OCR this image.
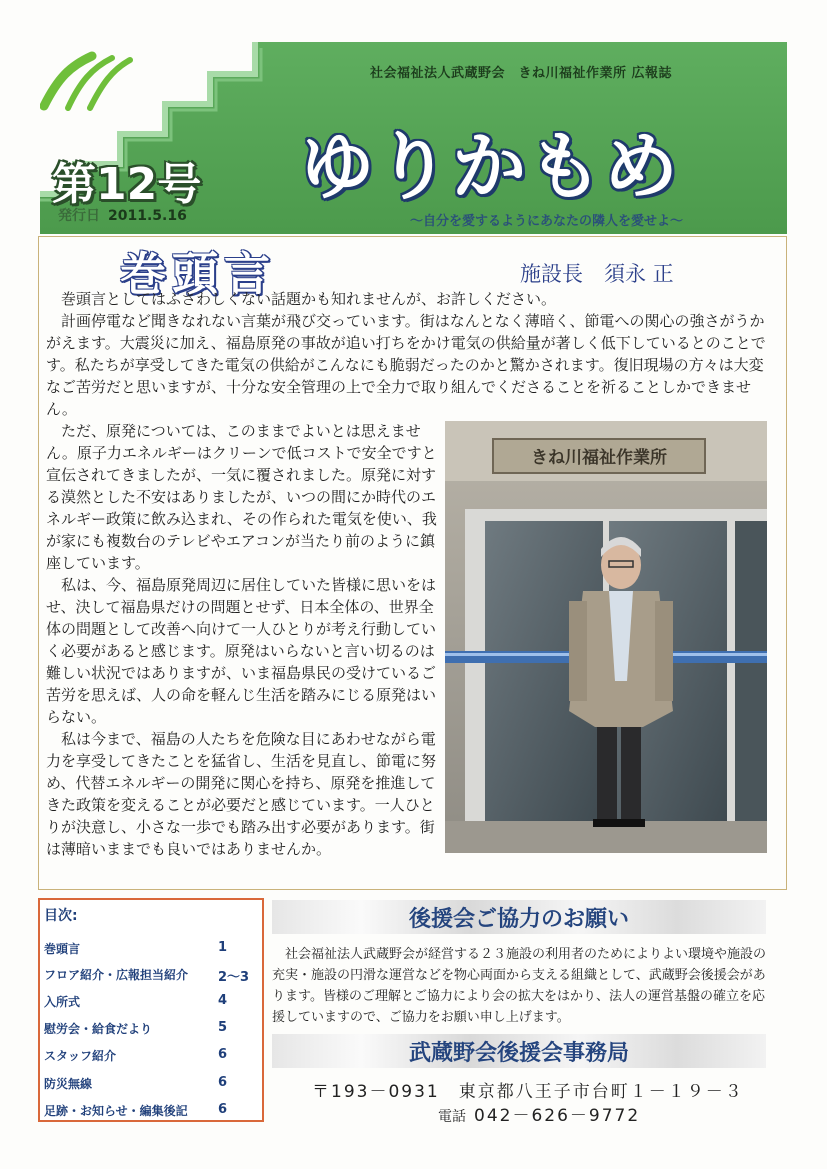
社会福祉法人武蔵野会　きね川福祉作業所 広報誌
ゆりかもめ
第12号
発行日 2011.5.16	～自分を愛するようにあなたの隣人を愛せよ～
巻頭言	施設長　須永 正

巻頭言としてはふさわしくない話題かも知れませんが、お許しください。

計画停電など聞きなれない言葉が飛び交っています。街はなんとなく薄暗く、節電への関心の強さがうかがえます。大震災に加え、福島原発の事故が追い打ちをかけ電気の供給量が著しく低下しているとのことです。私たちが享受してきた電気の供給がこんなにも脆弱だったのかと驚かされます。復旧現場の方々は大変なご苦労だと思いますが、十分な安全管理の上で全力で取り組んでくださることを祈ることしかできません。

ただ、原発については、このままでよいとは思えません。原子力エネルギーはクリーンで低コストで安全ですと宣伝されてきましたが、一気に覆されました。原発に対する漠然とした不安はありましたが、いつの間にか時代のエネルギー政策に飲み込まれ、その作られた電気を使い、我が家にも複数台のテレビやエアコンが当たり前のように鎮座しています。

私は、今、福島原発周辺に居住していた皆様に思いをはせ、決して福島県だけの問題とせず、日本全体の、世界全体の問題として改善へ向けて一人ひとりが考え行動していく必要があると感じます。原発はいらないと言い切るのは難しい状況ではありますが、いま福島県民の受けているご苦労を思えば、人の命を軽んじ生活を踏みにじる原発はいらない。

私は今まで、福島の人たちを危険な目にあわせながら電力を享受してきたことを猛省し、生活を見直し、節電に努め、代替エネルギーの開発に関心を持ち、原発を推進してきた政策を変えることが必要だと感じています。一人ひとりが決意し、小さな一歩でも踏み出す必要があります。街は薄暗いままでも良いではありませんか。

きね川福祉作業所
目次:
巻頭言	1
フロア紹介・広報担当紹介 2～3
入所式	4
慰労会・給食だより	5
スタッフ紹介	6
防災無線	6
足跡・お知らせ・編集後記 6
後援会ご協力のお願い

社会福祉法人武蔵野会が経営する２３施設の利用者のためによりよい環境や施設の充実・施設の円滑な運営などを物心両面から支える組織として、武蔵野会後援会があります。皆様のご理解とご協力により会の拡大をはかり、法人の運営基盤の確立を応援していますので、ご協力をお願い申し上げます。

武蔵野会後援会事務局
〒193－0931　東京都八王子市台町１－１９－３
電話 042－626－9772
